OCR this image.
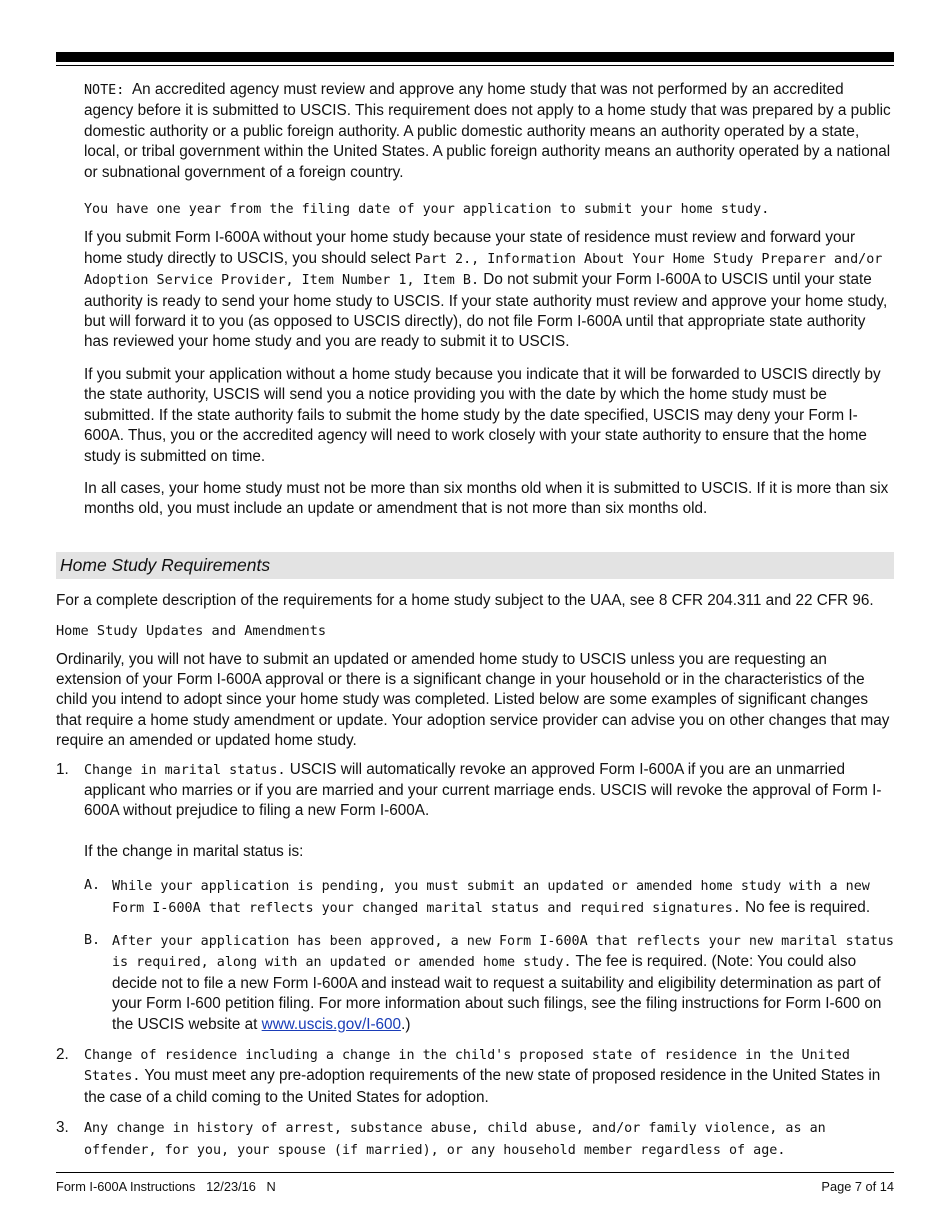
NOTE: An accredited agency must review and approve any home study that was not performed by an accredited agency before it is submitted to USCIS. This requirement does not apply to a home study that was prepared by a public domestic authority or a public foreign authority. A public domestic authority means an authority operated by a state, local, or tribal government within the United States. A public foreign authority means an authority operated by a national or subnational government of a foreign country.

You have one year from the filing date of your application to submit your home study.

If you submit Form I-600A without your home study because your state of residence must review and forward your home study directly to USCIS, you should select Part 2., Information About Your Home Study Preparer and/or Adoption Service Provider, Item Number 1, Item B. Do not submit your Form I-600A to USCIS until your state authority is ready to send your home study to USCIS. If your state authority must review and approve your home study, but will forward it to you (as opposed to USCIS directly), do not file Form I-600A until that appropriate state authority has reviewed your home study and you are ready to submit it to USCIS.

If you submit your application without a home study because you indicate that it will be forwarded to USCIS directly by the state authority, USCIS will send you a notice providing you with the date by which the home study must be submitted. If the state authority fails to submit the home study by the date specified, USCIS may deny your Form I-600A. Thus, you or the accredited agency will need to work closely with your state authority to ensure that the home study is submitted on time.

In all cases, your home study must not be more than six months old when it is submitted to USCIS. If it is more than six months old, you must include an update or amendment that is not more than six months old.

Home Study Requirements

For a complete description of the requirements for a home study subject to the UAA, see 8 CFR 204.311 and 22 CFR 96.

Home Study Updates and Amendments

Ordinarily, you will not have to submit an updated or amended home study to USCIS unless you are requesting an extension of your Form I-600A approval or there is a significant change in your household or in the characteristics of the child you intend to adopt since your home study was completed. Listed below are some examples of significant changes that require a home study amendment or update. Your adoption service provider can advise you on other changes that may require an amended or updated home study.

1.	Change in marital status. USCIS will automatically revoke an approved Form I-600A if you are an unmarried applicant who marries or if you are married and your current marriage ends. USCIS will revoke the approval of Form I-600A without prejudice to filing a new Form I-600A.

If the change in marital status is:

A. While your application is pending, you must submit an updated or amended home study with a new Form I-600A that reflects your changed marital status and required signatures. No fee is required.

B. After your application has been approved, a new Form I-600A that reflects your new marital status is required, along with an updated or amended home study. The fee is required. (Note: You could also decide not to file a new Form I-600A and instead wait to request a suitability and eligibility determination as part of your Form I-600 petition filing. For more information about such filings, see the filing instructions for Form I-600 on the USCIS website at www.uscis.gov/I-600.)

2.	Change of residence including a change in the child's proposed state of residence in the United States. You must meet any pre-adoption requirements of the new state of proposed residence in the United States in the case of a child coming to the United States for adoption.

3.	Any change in history of arrest, substance abuse, child abuse, and/or family violence, as an offender, for you, your spouse (if married), or any household member regardless of age.

Form I-600A Instructions   12/23/16   N	Page 7 of 14
